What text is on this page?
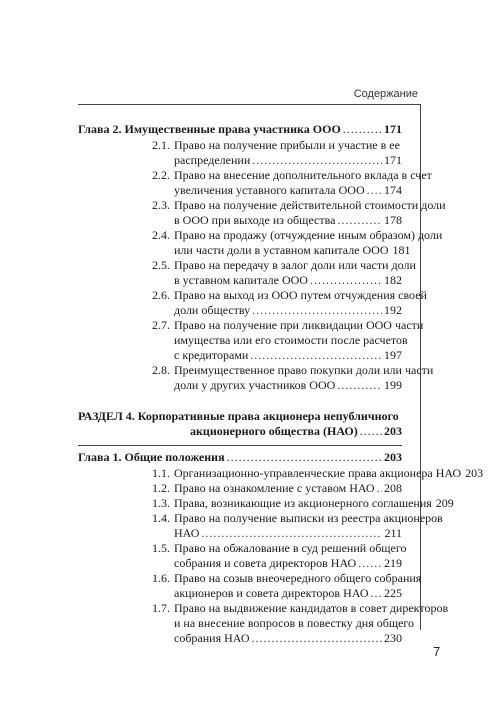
Содержание
7
Глава 2. Имущественные права участника ООО . . .	171
2.1. Право на получение прибыли и участие в ее
распределении . . .	171
2.2. Право на внесение дополнительного вклада в счет
увеличения уставного капитала ООО . . . 174
2.3. Право на получение действительной стоимости доли
в ООО при выходе из общества . . .	178
2.4. Право на продажу (отчуждение иным образом) доли
или части доли в уставном капитале ООО 181
2.5. Право на передачу в залог доли или части доли
в уставном капитале ООО . . .	182
2.6. Право на выход из ООО путем отчуждения своей
доли обществу . . .	192
2.7. Право на получение при ликвидации ООО части
имущества или его стоимости после расчетов
с кредиторами . . .	197
2.8. Преимущественное право покупки доли или части
доли у других участников ООО . . .	199
РАЗДЕЛ 4. Корпоративные права акционера непубличного
акционерного общества (НАО) . . . 203
Глава 1. Общие положения . . .	203
1.1. Организационно-управленческие права акционера НАО 203
1.2. Право на ознакомление с уставом НАО . . . 208
1.3. Права, возникающие из акционерного соглашения 209
1.4. Право на получение выписки из реестра акционеров
НАО . . .	211
1.5. Право на обжалование в суд решений общего
собрания и совета директоров НАО . . . 219
1.6. Право на созыв внеочередного общего собрания
акционеров и совета директоров НАО . . . 225
1.7. Право на выдвижение кандидатов в совет директоров
и на внесение вопросов в повестку дня общего
собрания НАО . . .	230
